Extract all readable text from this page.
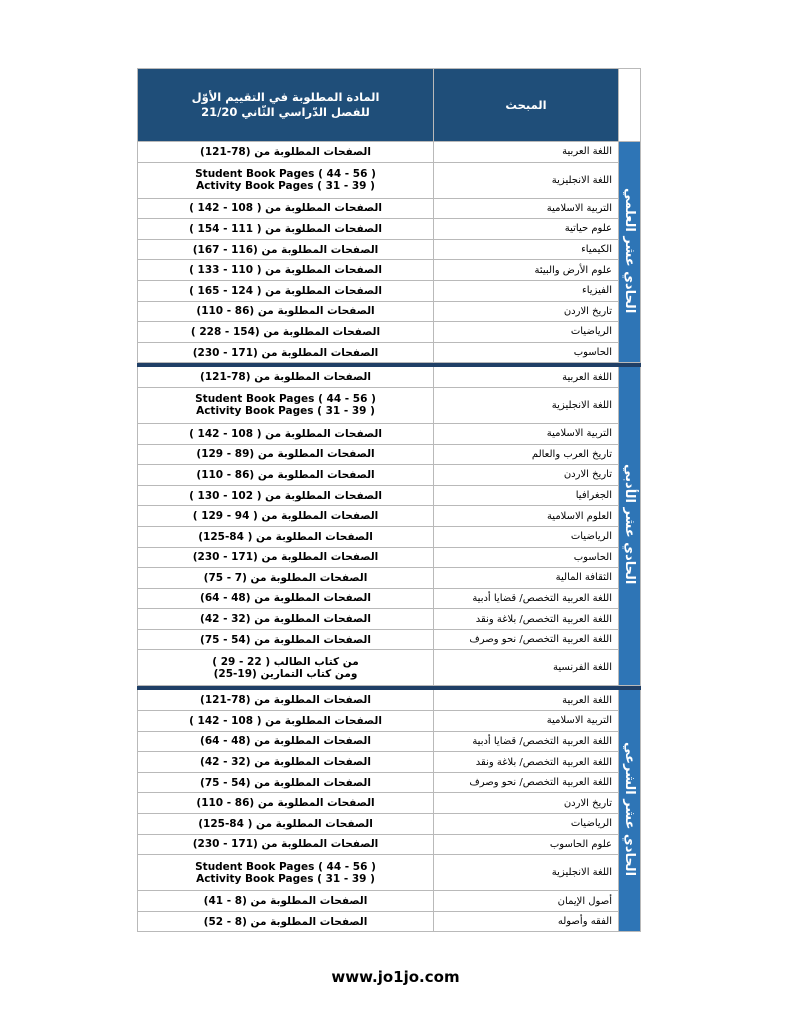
المادة المطلوبة في التقييم الأوّل
للفصل الدّراسي الثّاني 21/20	المبحث	

الصفحات المطلوبة من (78-121)	اللغة العربية	الحادي عشر العلمي

Student Book Pages ( 44 - 56 )
Activity Book Pages ( 31 - 39 )	اللغة الانجليزية	

الصفحات المطلوبة من ( 108 - 142 )	التربية الاسلامية	

الصفحات المطلوبة من ( 111 - 154 )	علوم حياتية	

الصفحات المطلوبة من (116 - 167)	الكيمياء	

الصفحات المطلوبة من ( 110 - 133 )	علوم الأرض والبيئة	

الصفحات المطلوبة من ( 124 - 165 )	الفيزياء	

الصفحات المطلوبة من (86 - 110)	تاريخ الاردن	

الصفحات المطلوبة من (154 - 228 )	الرياضيات	

الصفحات المطلوبة من (171 - 230)	الحاسوب	

الصفحات المطلوبة من (78-121)	اللغة العربية	الحادي عشر الأدبي

Student Book Pages ( 44 - 56 )
Activity Book Pages ( 31 - 39 )	اللغة الانجليزية	

الصفحات المطلوبة من ( 108 - 142 )	التربية الاسلامية	

الصفحات المطلوبة من (89 - 129)	تاريخ العرب والعالم	

الصفحات المطلوبة من (86 - 110)	تاريخ الاردن	

الصفحات المطلوبة من ( 102 - 130 )	الجغرافيا	

الصفحات المطلوبة من ( 94 - 129 )	العلوم الاسلامية	

الصفحات المطلوبة من ( 84-125)	الرياضيات	

الصفحات المطلوبة من (171 - 230)	الحاسوب	

الصفحات المطلوبة من (7 - 75)	الثقافة المالية	

الصفحات المطلوبة من (48 - 64)	اللغة العربية التخصص/ قضايا أدبية	

الصفحات المطلوبة من (32 - 42)	اللغة العربية التخصص/ بلاغة ونقد	

الصفحات المطلوبة من (54 - 75)	اللغة العربية التخصص/ نحو وصرف	

من كتاب الطالب ( 22 - 29 )
ومن كتاب التمارين (19-25)	اللغة الفرنسية	

الصفحات المطلوبة من (78-121)	اللغة العربية	الحادي عشر الشرعي

الصفحات المطلوبة من ( 108 - 142 )	التربية الاسلامية	

الصفحات المطلوبة من (48 - 64)	اللغة العربية التخصص/ قضايا أدبية	

الصفحات المطلوبة من (32 - 42)	اللغة العربية التخصص/ بلاغة ونقد	

الصفحات المطلوبة من (54 - 75)	اللغة العربية التخصص/ نحو وصرف	

الصفحات المطلوبة من (86 - 110)	تاريخ الاردن	

الصفحات المطلوبة من ( 84-125)	الرياضيات	

الصفحات المطلوبة من (171 - 230)	علوم الحاسوب	

Student Book Pages ( 44 - 56 )
Activity Book Pages ( 31 - 39 )	اللغة الانجليزية	

الصفحات المطلوبة من (8 - 41)	أصول الإيمان	

الصفحات المطلوبة من (8 - 52)	الفقه وأصوله	
www.jo1jo.com
